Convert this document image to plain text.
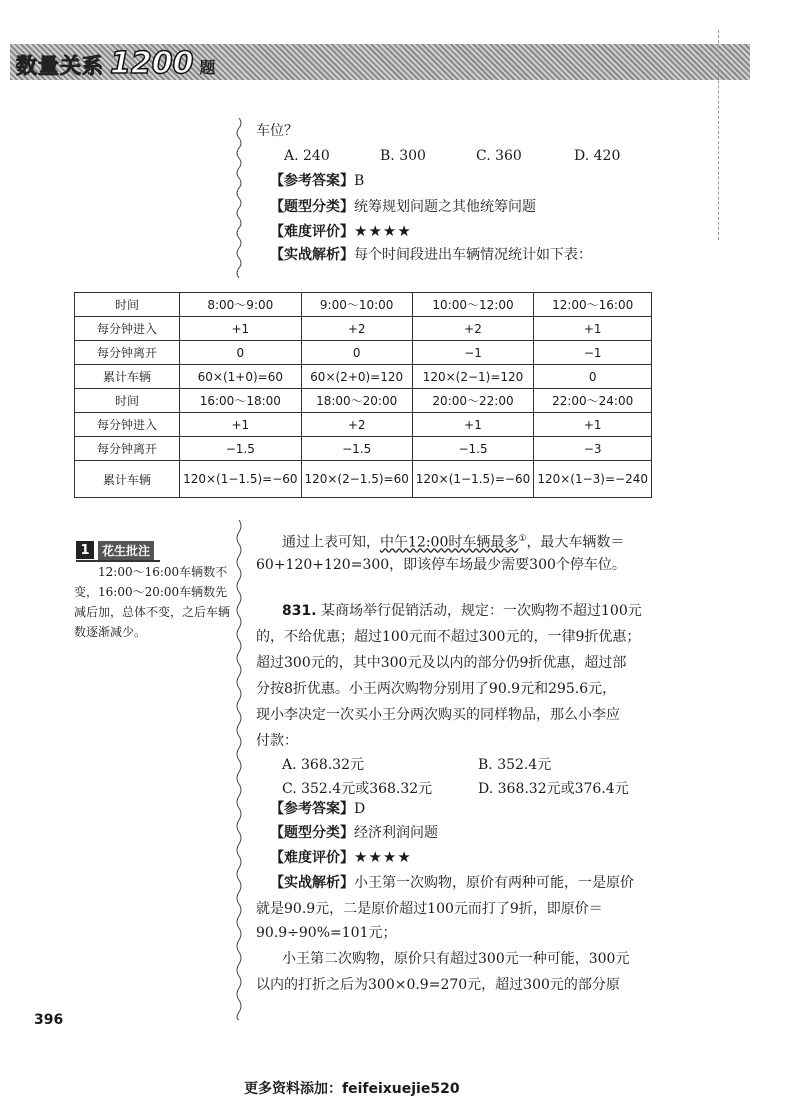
数量关系 1200 题
车位？
A. 240	B. 300	C. 360	D. 420
【参考答案】B
【题型分类】统筹规划问题之其他统筹问题
【难度评价】★★★★
【实战解析】每个时间段进出车辆情况统计如下表：
时间	8:00～9:00	9:00～10:00	10:00～12:00	12:00～16:00
每分钟进入	+1	+2	+2	+1
每分钟离开	0	0	−1	−1
累计车辆	60×(1+0)=60	60×(2+0)=120	120×(2−1)=120	0
时间	16:00～18:00	18:00～20:00	20:00～22:00	22:00～24:00
每分钟进入	+1	+2	+1	+1
每分钟离开	−1.5	−1.5	−1.5	−3
累计车辆	120×(1−1.5)=−60	120×(2−1.5)=60	120×(1−1.5)=−60	120×(1−3)=−240
通过上表可知，中午12:00时车辆最多①，最大车辆数＝
60+120+120=300，即该停车场最少需要300个停车位。
1	花生批注
12:00～16:00车辆数不变，16:00～20:00车辆数先减后加，总体不变，之后车辆数逐渐减少。
831. 某商场举行促销活动，规定：一次购物不超过100元
的，不给优惠；超过100元而不超过300元的，一律9折优惠；
超过300元的，其中300元及以内的部分仍9折优惠，超过部
分按8折优惠。小王两次购物分别用了90.9元和295.6元，
现小李决定一次买小王分两次购买的同样物品，那么小李应
付款：
A. 368.32元	B. 352.4元
C. 352.4元或368.32元	D. 368.32元或376.4元
【参考答案】D
【题型分类】经济利润问题
【难度评价】★★★★
【实战解析】小王第一次购物，原价有两种可能，一是原价
就是90.9元，二是原价超过100元而打了9折，即原价＝
90.9÷90%=101元；
小王第二次购物，原价只有超过300元一种可能，300元
以内的打折之后为300×0.9=270元，超过300元的部分原
396
更多资料添加：feifeixuejie520
